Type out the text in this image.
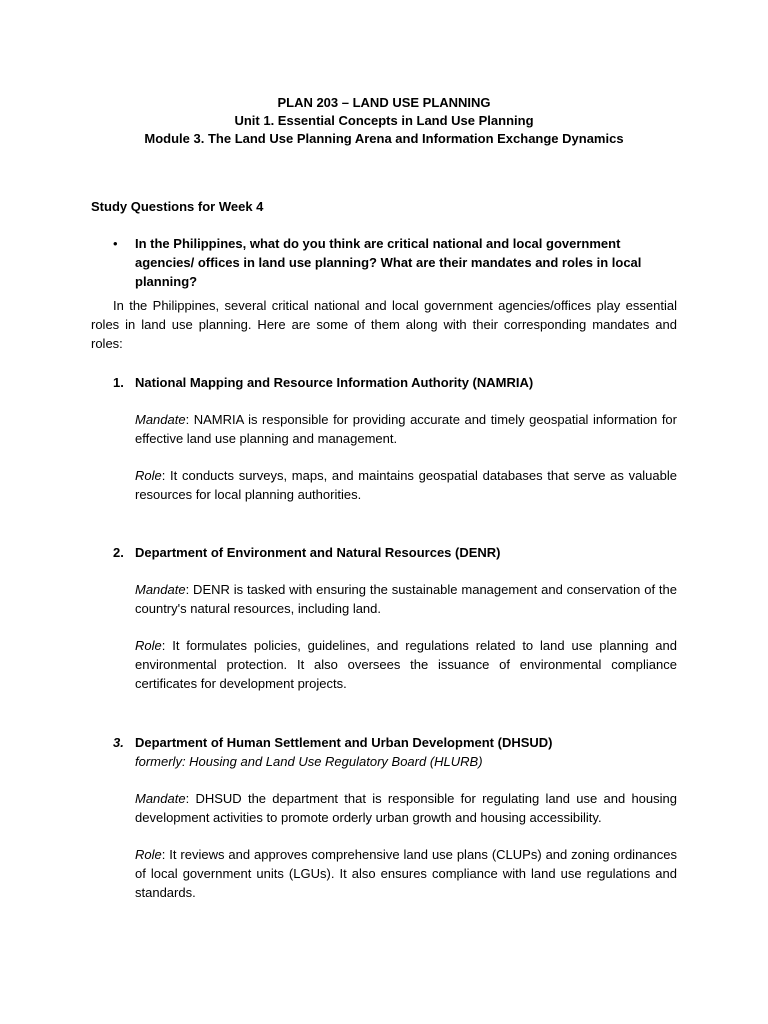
PLAN 203 – LAND USE PLANNING
Unit 1. Essential Concepts in Land Use Planning
Module 3. The Land Use Planning Arena and Information Exchange Dynamics
Study Questions for Week 4
• In the Philippines, what do you think are critical national and local government agencies/ offices in land use planning? What are their mandates and roles in local planning?
In the Philippines, several critical national and local government agencies/offices play essential roles in land use planning. Here are some of them along with their corresponding mandates and roles:
1. National Mapping and Resource Information Authority (NAMRIA)
Mandate: NAMRIA is responsible for providing accurate and timely geospatial information for effective land use planning and management.
Role: It conducts surveys, maps, and maintains geospatial databases that serve as valuable resources for local planning authorities.
2. Department of Environment and Natural Resources (DENR)
Mandate: DENR is tasked with ensuring the sustainable management and conservation of the country's natural resources, including land.
Role: It formulates policies, guidelines, and regulations related to land use planning and environmental protection. It also oversees the issuance of environmental compliance certificates for development projects.
3. Department of Human Settlement and Urban Development (DHSUD)
formerly: Housing and Land Use Regulatory Board (HLURB)
Mandate: DHSUD the department that is responsible for regulating land use and housing development activities to promote orderly urban growth and housing accessibility.
Role: It reviews and approves comprehensive land use plans (CLUPs) and zoning ordinances of local government units (LGUs). It also ensures compliance with land use regulations and standards.
